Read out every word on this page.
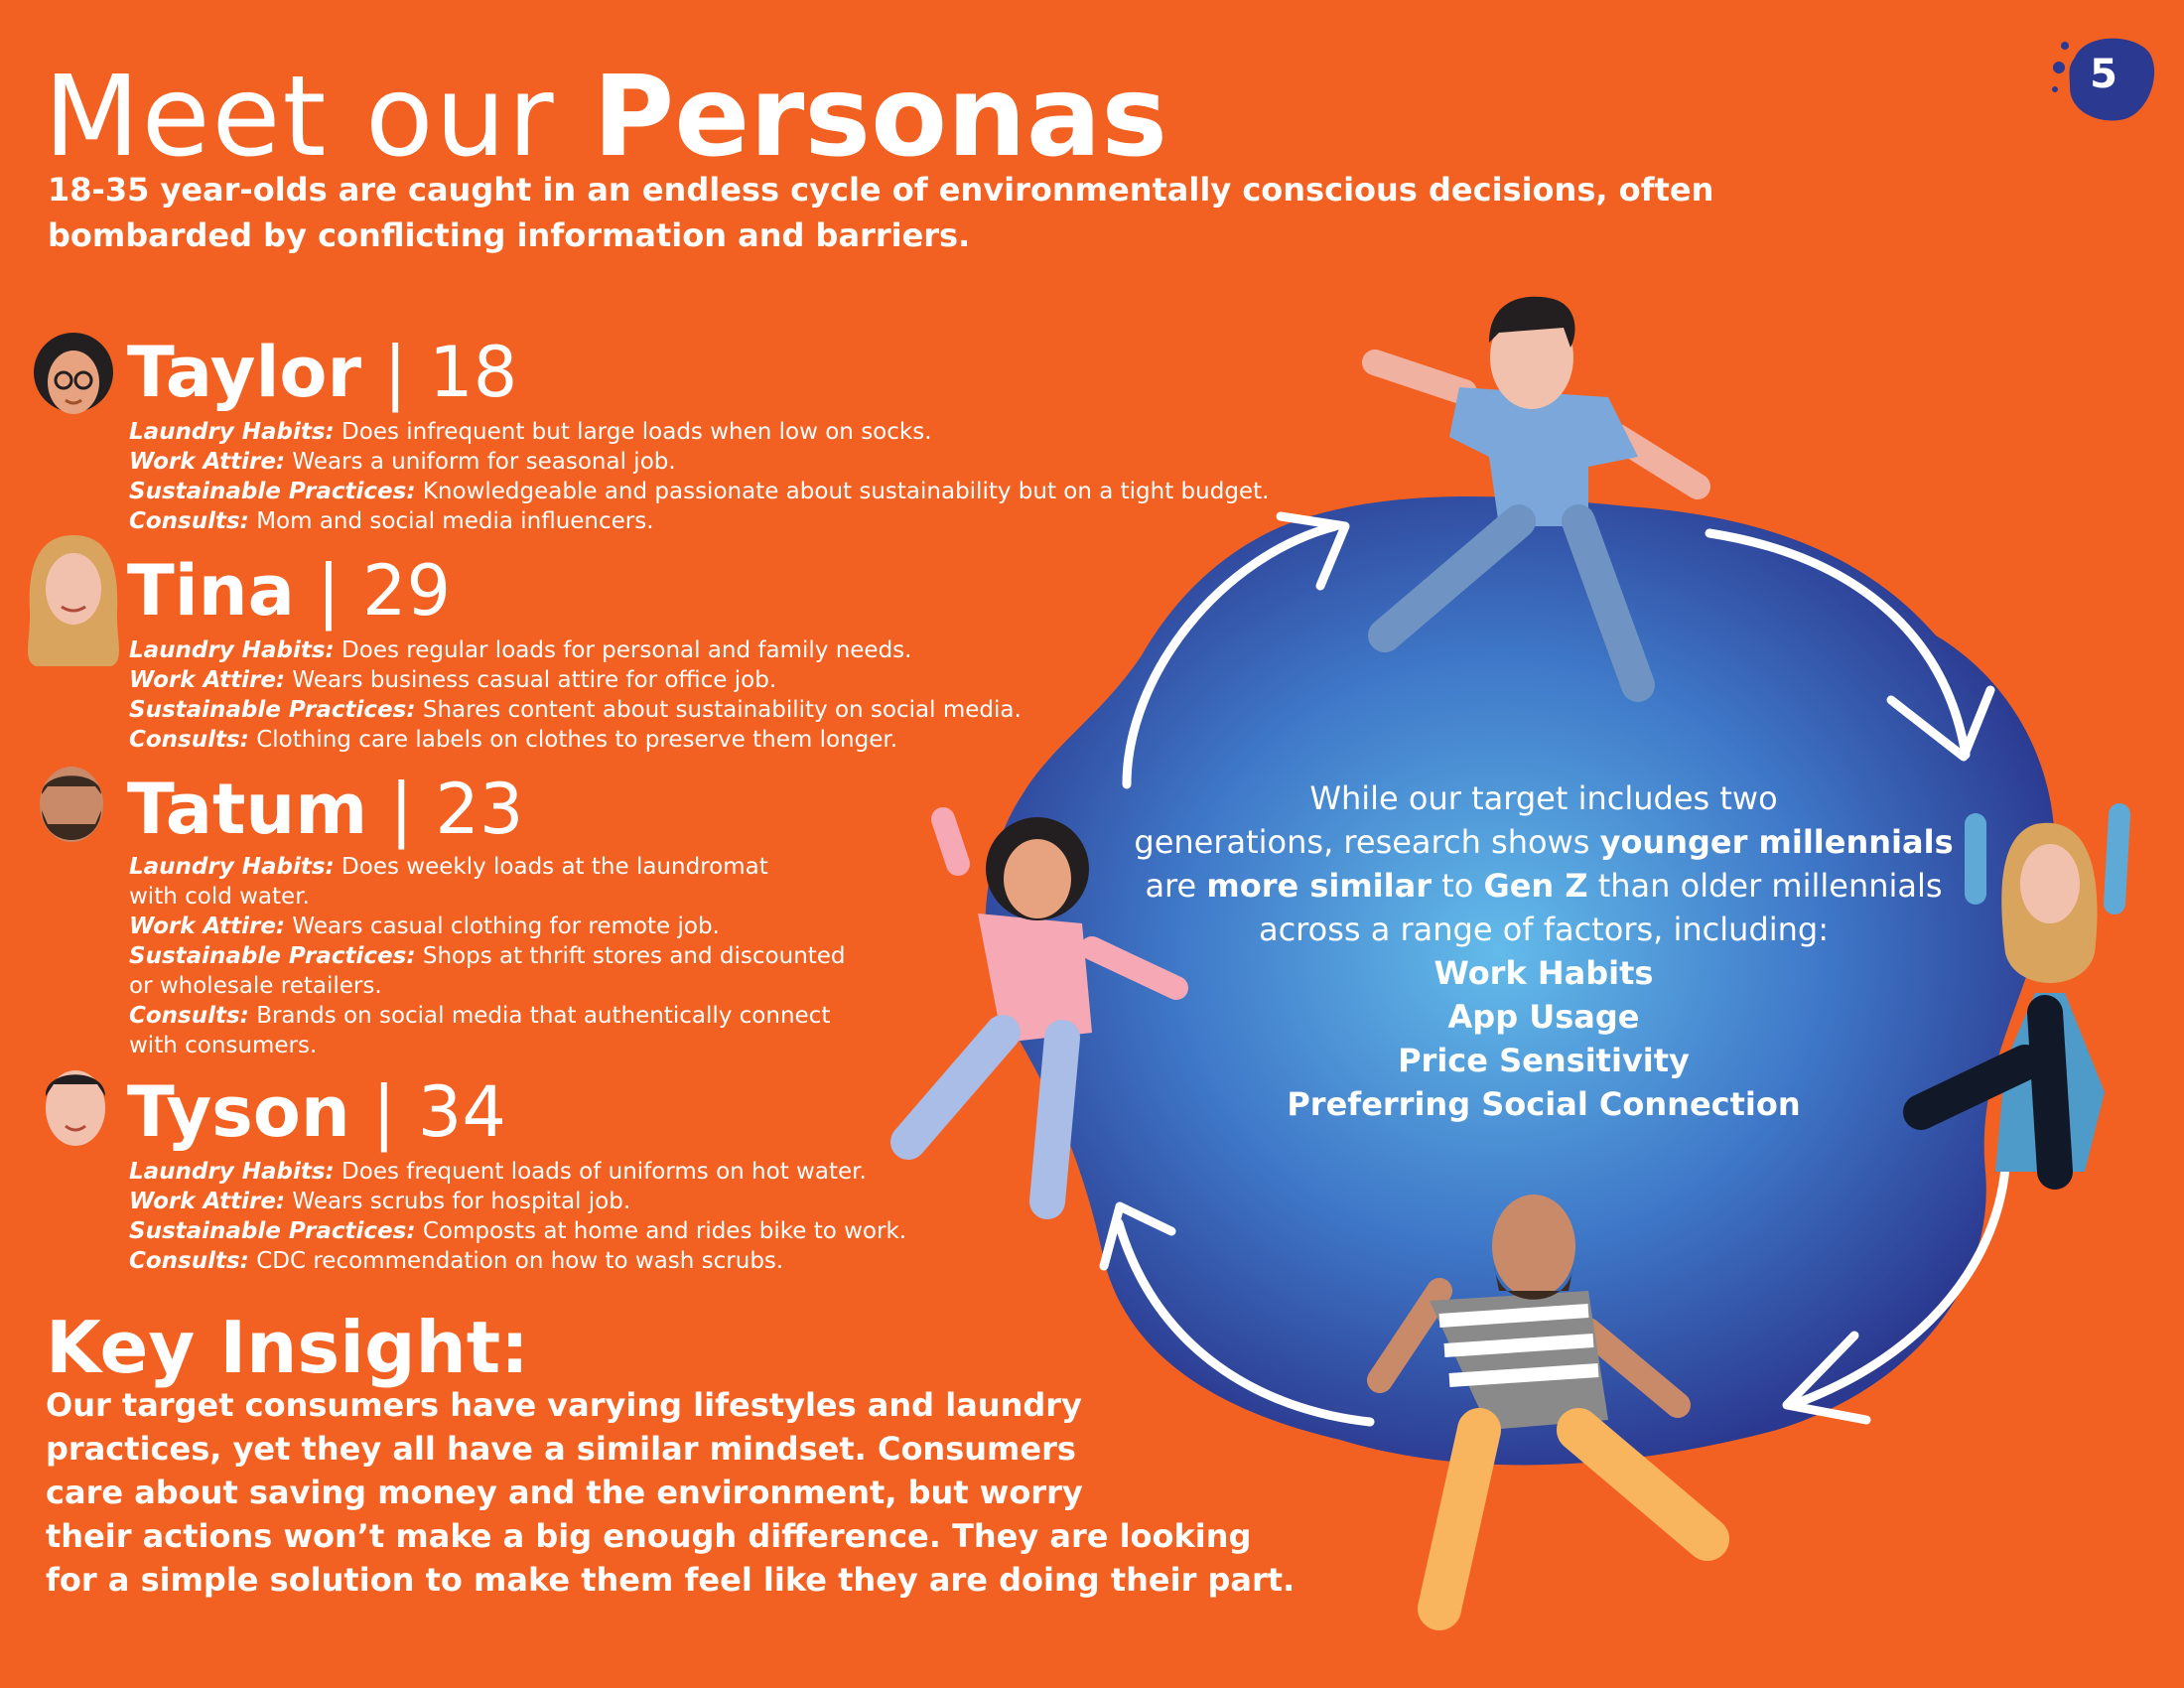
Meet our Personas
18-35 year-olds are caught in an endless cycle of environmentally conscious decisions, often bombarded by conflicting information and barriers.
5
Taylor | 18
Tina | 29
Tatum | 23
Tyson | 34
Laundry Habits: Does infrequent but large loads when low on socks.
Work Attire: Wears a uniform for seasonal job.
Sustainable Practices: Knowledgeable and passionate about sustainability but on a tight budget.
Consults: Mom and social media influencers.
Laundry Habits: Does regular loads for personal and family needs.
Work Attire: Wears business casual attire for office job.
Sustainable Practices: Shares content about sustainability on social media.
Consults: Clothing care labels on clothes to preserve them longer.
Laundry Habits: Does weekly loads at the laundromat
with cold water.
Work Attire: Wears casual clothing for remote job.
Sustainable Practices: Shops at thrift stores and discounted
or wholesale retailers.
Consults: Brands on social media that authentically connect
with consumers.
Laundry Habits: Does frequent loads of uniforms on hot water.
Work Attire: Wears scrubs for hospital job.
Sustainable Practices: Composts at home and rides bike to work.
Consults: CDC recommendation on how to wash scrubs.
Key Insight:
Our target consumers have varying lifestyles and laundry
practices, yet they all have a similar mindset. Consumers
care about saving money and the environment, but worry
their actions won’t make a big enough difference. They are looking
for a simple solution to make them feel like they are doing their part.
While our target includes two
generations, research shows younger millennials
are more similar to Gen Z than older millennials
across a range of factors, including:
Work Habits
App Usage
Price Sensitivity
Preferring Social Connection
